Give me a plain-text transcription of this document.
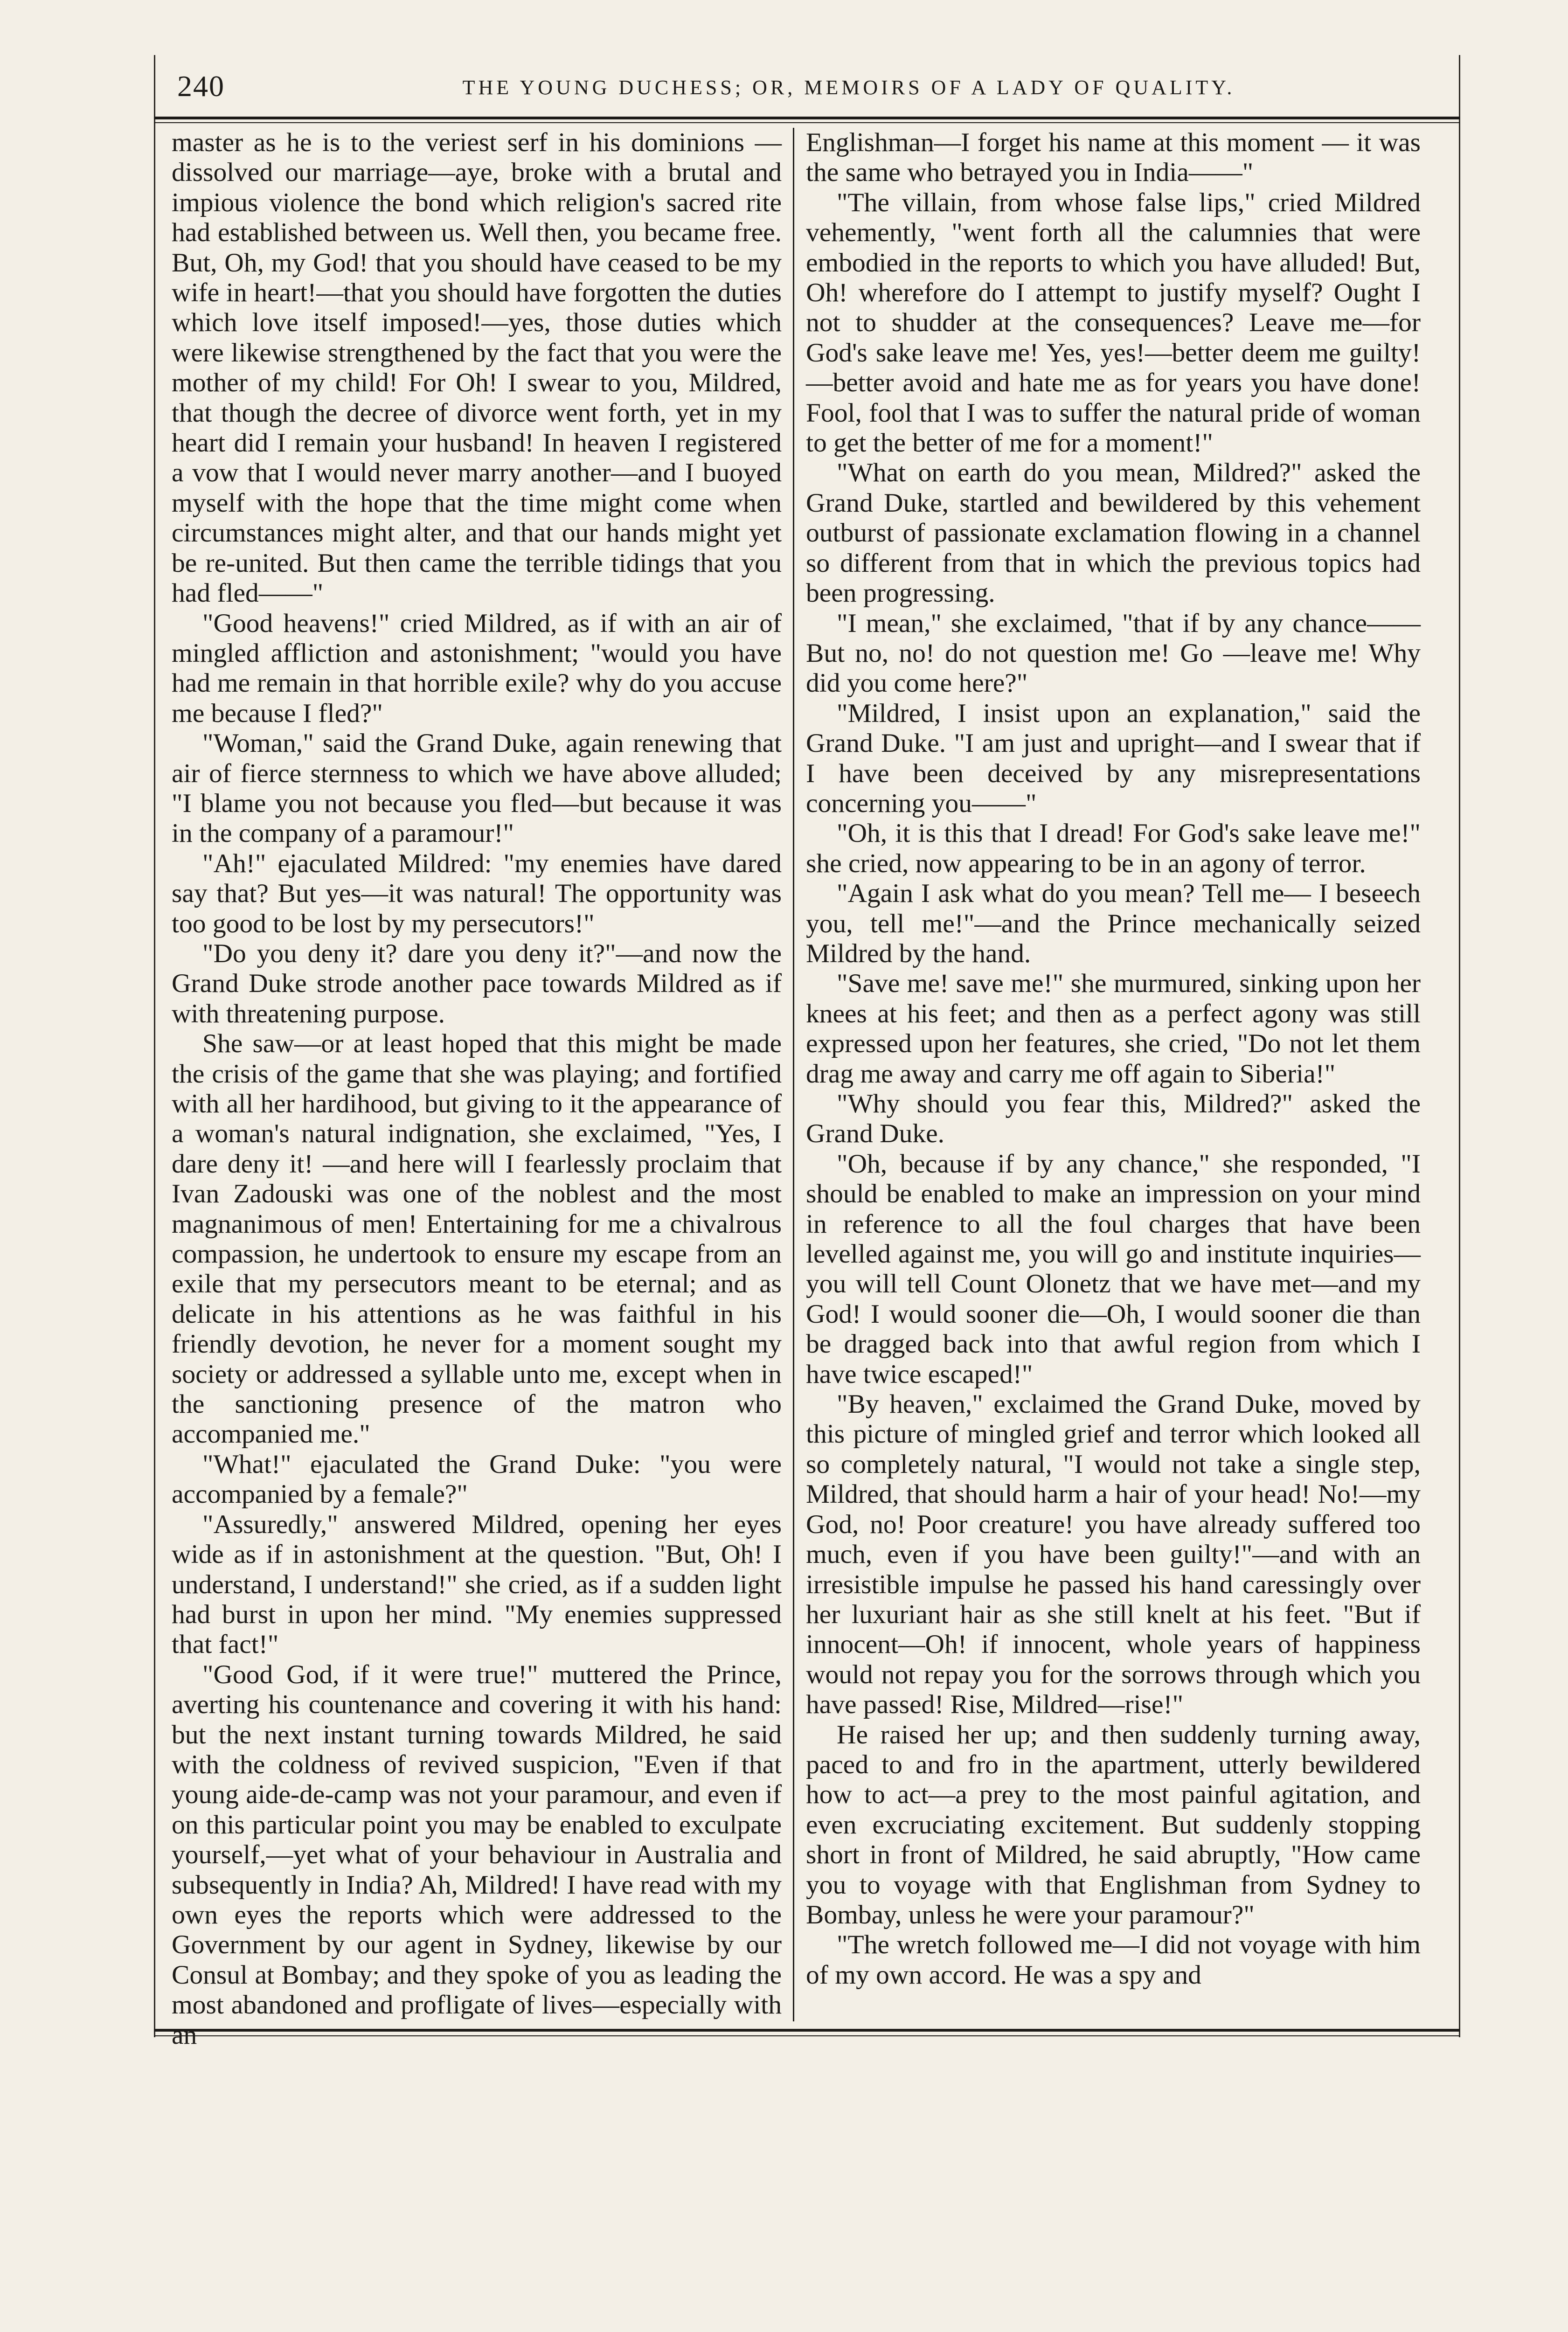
240	THE YOUNG DUCHESS; OR, MEMOIRS OF A LADY OF QUALITY.

master as he is to the veriest serf in his dominions —dissolved our marriage—aye, broke with a brutal and impious violence the bond which religion's sacred rite had established between us. Well then, you became free. But, Oh, my God! that you should have ceased to be my wife in heart!—that you should have forgotten the duties which love itself imposed!—yes, those duties which were likewise strengthened by the fact that you were the mother of my child! For Oh! I swear to you, Mildred, that though the decree of divorce went forth, yet in my heart did I remain your husband! In heaven I registered a vow that I would never marry another—and I buoyed myself with the hope that the time might come when circumstances might alter, and that our hands might yet be re-united. But then came the terrible tidings that you had fled——"

"Good heavens!" cried Mildred, as if with an air of mingled affliction and astonishment; "would you have had me remain in that horrible exile? why do you accuse me because I fled?"

"Woman," said the Grand Duke, again renewing that air of fierce sternness to which we have above alluded; "I blame you not because you fled—but because it was in the company of a paramour!"

"Ah!" ejaculated Mildred: "my enemies have dared say that? But yes—it was natural! The opportunity was too good to be lost by my persecutors!"

"Do you deny it? dare you deny it?"—and now the Grand Duke strode another pace towards Mildred as if with threatening purpose.

She saw—or at least hoped that this might be made the crisis of the game that she was playing; and fortified with all her hardihood, but giving to it the appearance of a woman's natural indignation, she exclaimed, "Yes, I dare deny it! —and here will I fearlessly proclaim that Ivan Zadouski was one of the noblest and the most magnanimous of men! Entertaining for me a chivalrous compassion, he undertook to ensure my escape from an exile that my persecutors meant to be eternal; and as delicate in his attentions as he was faithful in his friendly devotion, he never for a moment sought my society or addressed a syllable unto me, except when in the sanctioning presence of the matron who accompanied me."

"What!" ejaculated the Grand Duke: "you were accompanied by a female?"

"Assuredly," answered Mildred, opening her eyes wide as if in astonishment at the question. "But, Oh! I understand, I understand!" she cried, as if a sudden light had burst in upon her mind. "My enemies suppressed that fact!"

"Good God, if it were true!" muttered the Prince, averting his countenance and covering it with his hand: but the next instant turning towards Mildred, he said with the coldness of revived suspicion, "Even if that young aide-de-camp was not your paramour, and even if on this particular point you may be enabled to exculpate yourself,—yet what of your behaviour in Australia and subsequently in India? Ah, Mildred! I have read with my own eyes the reports which were addressed to the Government by our agent in Sydney, likewise by our Consul at Bombay; and they spoke of you as leading the most abandoned and profligate of lives—especially with an

Englishman—I forget his name at this moment — it was the same who betrayed you in India——"

"The villain, from whose false lips," cried Mildred vehemently, "went forth all the calumnies that were embodied in the reports to which you have alluded! But, Oh! wherefore do I attempt to justify myself? Ought I not to shudder at the consequences? Leave me—for God's sake leave me! Yes, yes!—better deem me guilty!—better avoid and hate me as for years you have done! Fool, fool that I was to suffer the natural pride of woman to get the better of me for a moment!"

"What on earth do you mean, Mildred?" asked the Grand Duke, startled and bewildered by this vehement outburst of passionate exclamation flowing in a channel so different from that in which the previous topics had been progressing.

"I mean," she exclaimed, "that if by any chance——But no, no! do not question me! Go —leave me! Why did you come here?"

"Mildred, I insist upon an explanation," said the Grand Duke. "I am just and upright—and I swear that if I have been deceived by any misrepresentations concerning you——"

"Oh, it is this that I dread! For God's sake leave me!" she cried, now appearing to be in an agony of terror.

"Again I ask what do you mean? Tell me— I beseech you, tell me!"—and the Prince mechanically seized Mildred by the hand.

"Save me! save me!" she murmured, sinking upon her knees at his feet; and then as a perfect agony was still expressed upon her features, she cried, "Do not let them drag me away and carry me off again to Siberia!"

"Why should you fear this, Mildred?" asked the Grand Duke.

"Oh, because if by any chance," she responded, "I should be enabled to make an impression on your mind in reference to all the foul charges that have been levelled against me, you will go and institute inquiries—you will tell Count Olonetz that we have met—and my God! I would sooner die—Oh, I would sooner die than be dragged back into that awful region from which I have twice escaped!"

"By heaven," exclaimed the Grand Duke, moved by this picture of mingled grief and terror which looked all so completely natural, "I would not take a single step, Mildred, that should harm a hair of your head! No!—my God, no! Poor creature! you have already suffered too much, even if you have been guilty!"—and with an irresistible impulse he passed his hand caressingly over her luxuriant hair as she still knelt at his feet. "But if innocent—Oh! if innocent, whole years of happiness would not repay you for the sorrows through which you have passed! Rise, Mildred—rise!"

He raised her up; and then suddenly turning away, paced to and fro in the apartment, utterly bewildered how to act—a prey to the most painful agitation, and even excruciating excitement. But suddenly stopping short in front of Mildred, he said abruptly, "How came you to voyage with that Englishman from Sydney to Bombay, unless he were your paramour?"

"The wretch followed me—I did not voyage with him of my own accord. He was a spy and
